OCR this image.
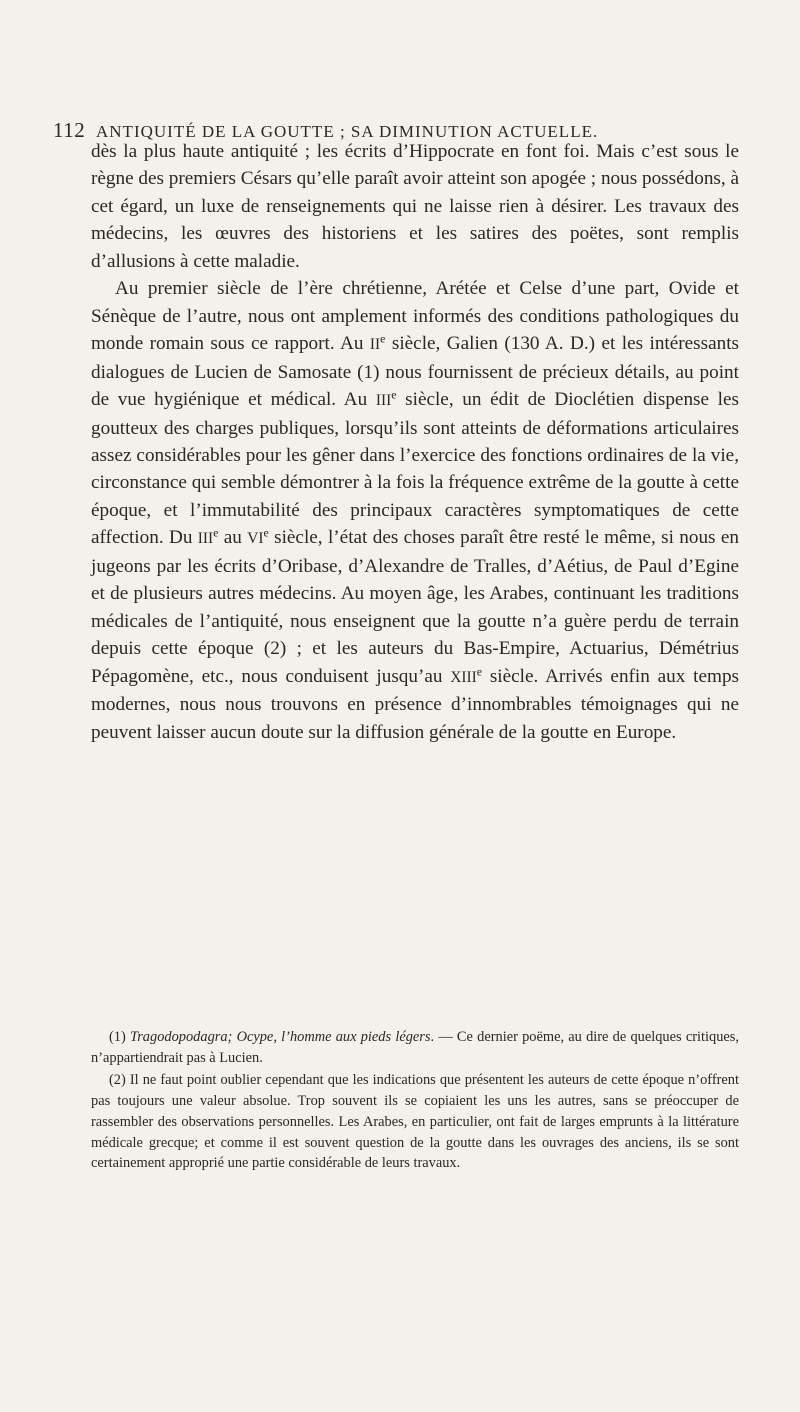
112 ANTIQUITÉ DE LA GOUTTE ; SA DIMINUTION ACTUELLE.

dès la plus haute antiquité ; les écrits d’Hippocrate en font foi. Mais c’est sous le règne des premiers Césars qu’elle paraît avoir atteint son apogée ; nous possédons, à cet égard, un luxe de renseignements qui ne laisse rien à désirer. Les travaux des médecins, les œuvres des historiens et les satires des poëtes, sont remplis d’allusions à cette maladie.

Au premier siècle de l’ère chrétienne, Arétée et Celse d’une part, Ovide et Sénèque de l’autre, nous ont amplement informés des conditions pathologiques du monde romain sous ce rapport. Au IIe siècle, Galien (130 A. D.) et les intéressants dialogues de Lucien de Samosate (1) nous fournissent de précieux détails, au point de vue hygiénique et médical. Au IIIe siècle, un édit de Dioclétien dispense les goutteux des charges publiques, lorsqu’ils sont atteints de déformations articulaires assez considérables pour les gêner dans l’exercice des fonctions ordinaires de la vie, circonstance qui semble démontrer à la fois la fréquence extrême de la goutte à cette époque, et l’immutabilité des principaux caractères symptomatiques de cette affection. Du IIIe au VIe siècle, l’état des choses paraît être resté le même, si nous en jugeons par les écrits d’Oribase, d’Alexandre de Tralles, d’Aétius, de Paul d’Egine et de plusieurs autres médecins. Au moyen âge, les Arabes, continuant les traditions médicales de l’antiquité, nous enseignent que la goutte n’a guère perdu de terrain depuis cette époque (2) ; et les auteurs du Bas-Empire, Actuarius, Démétrius Pépagomène, etc., nous conduisent jusqu’au XIIIe siècle. Arrivés enfin aux temps modernes, nous nous trouvons en présence d’innombrables témoignages qui ne peuvent laisser aucun doute sur la diffusion générale de la goutte en Europe.

(1) Tragodopodagra; Ocype, l’homme aux pieds légers. — Ce dernier poëme, au dire de quelques critiques, n’appartiendrait pas à Lucien.

(2) Il ne faut point oublier cependant que les indications que présentent les auteurs de cette époque n’offrent pas toujours une valeur absolue. Trop souvent ils se copiaient les uns les autres, sans se préoccuper de rassembler des observations personnelles. Les Arabes, en particulier, ont fait de larges emprunts à la littérature médicale grecque; et comme il est souvent question de la goutte dans les ouvrages des anciens, ils se sont certainement approprié une partie considérable de leurs travaux.
